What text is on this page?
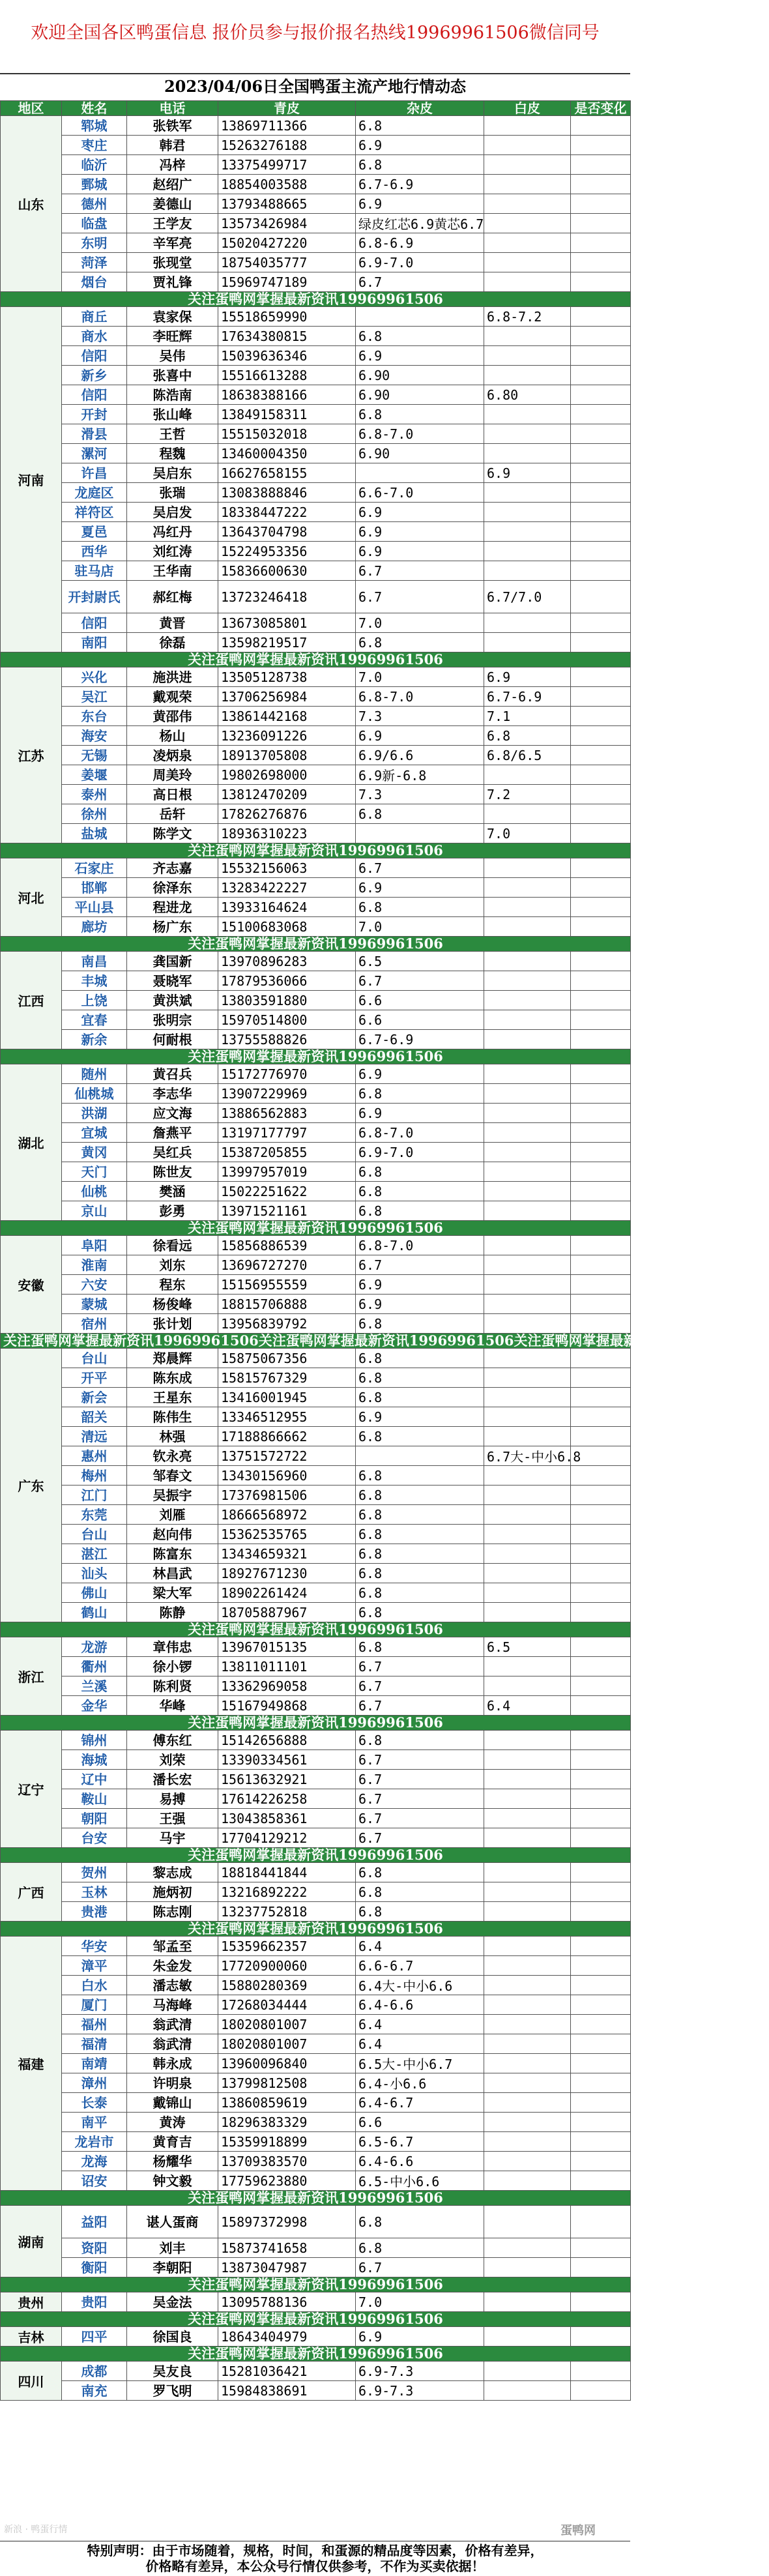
欢迎全国各区鸭蛋信息 报价员参与报价报名热线19969961506微信同号
2023/04/06日全国鸭蛋主流产地行情动态
地区	姓名	电话	青皮	杂皮	白皮	是否变化	
山东	郓城	张铁军	13869711366	6.8			
	枣庄	韩君	15263276188	6.9			
	临沂	冯梓	13375499717	6.8			
	鄄城	赵绍广	18854003588	6.7-6.9			
	德州	姜德山	13793488665	6.9			
	临盘	王学友	13573426984	绿皮红芯6.9黄芯6.7			
	东明	辛军亮	15020427220	6.8-6.9			
	菏泽	张现堂	18754035777	6.9-7.0			
	烟台	贾礼锋	15969747189	6.7			
关注蛋鸭网掌握最新资讯19969961506							
河南	商丘	袁家保	15518659990		6.8-7.2		
	商水	李旺辉	17634380815	6.8			
	信阳	吴伟	15039636346	6.9			
	新乡	张喜中	15516613288	6.90			
	信阳	陈浩南	18638388166	6.90	6.80		
	开封	张山峰	13849158311	6.8			
	滑县	王哲	15515032018	6.8-7.0			
	漯河	程魏	13460004350	6.90			
	许昌	吴启东	16627658155		6.9		
	龙庭区	张瑞	13083888846	6.6-7.0			
	祥符区	吴启发	18338447222	6.9			
	夏邑	冯红丹	13643704798	6.9			
	西华	刘红涛	15224953356	6.9			
	驻马店	王华南	15836600630	6.7			
	开封尉氏	郝红梅	13723246418	6.7	6.7/7.0		
	信阳	黄晋	13673085801	7.0			
	南阳	徐磊	13598219517	6.8			
关注蛋鸭网掌握最新资讯19969961506							
江苏	兴化	施洪进	13505128738	7.0	6.9		
	吴江	戴观荣	13706256984	6.8-7.0	6.7-6.9		
	东台	黄邵伟	13861442168	7.3	7.1		
	海安	杨山	13236091226	6.9	6.8		
	无锡	凌炳泉	18913705808	6.9/6.6	6.8/6.5		
	姜堰	周美玲	19802698000	6.9新-6.8			
	泰州	高日根	13812470209	7.3	7.2		
	徐州	岳轩	17826276876	6.8			
	盐城	陈学文	18936310223		7.0		
关注蛋鸭网掌握最新资讯19969961506							
河北	石家庄	齐志嘉	15532156063	6.7			
	邯郸	徐泽东	13283422227	6.9			
	平山县	程进龙	13933164624	6.8			
	廊坊	杨广东	15100683068	7.0			
关注蛋鸭网掌握最新资讯19969961506							
江西	南昌	龚国新	13970896283	6.5			
	丰城	聂晓军	17879536066	6.7			
	上饶	黄洪斌	13803591880	6.6			
	宜春	张明宗	15970514800	6.6			
	新余	何耐根	13755588826	6.7-6.9			
关注蛋鸭网掌握最新资讯19969961506							
湖北	随州	黄召兵	15172776970	6.9			
	仙桃城	李志华	13907229969	6.8			
	洪湖	应文海	13886562883	6.9			
	宜城	詹燕平	13197177797	6.8-7.0			
	黄冈	吴红兵	15387205855	6.9-7.0			
	天门	陈世友	13997957019	6.8			
	仙桃	樊涵	15022251622	6.8			
	京山	彭勇	13971521161	6.8			
关注蛋鸭网掌握最新资讯19969961506							
安徽	阜阳	徐看远	15856886539	6.8-7.0			
	淮南	刘东	13696727270	6.7			
	六安	程东	15156955559	6.9			
	蒙城	杨俊峰	18815706888	6.9			
	宿州	张计划	13956839792	6.8			
关注蛋鸭网掌握最新资讯19969961506关注蛋鸭网掌握最新资讯19969961506关注蛋鸭网掌握最新资讯19969961506							
广东	台山	郑晨辉	15875067356	6.8			
	开平	陈东成	15815767329	6.8			
	新会	王星东	13416001945	6.8			
	韶关	陈伟生	13346512955	6.9			
	清远	林强	17188866662	6.8			
	惠州	钦永亮	13751572722		6.7大-中小6.8		
	梅州	邹春文	13430156960	6.8			
	江门	吴振宇	17376981506	6.8			
	东莞	刘雁	18666568972	6.8			
	台山	赵向伟	15362535765	6.8			
	湛江	陈富东	13434659321	6.8			
	汕头	林昌武	18927671230	6.8			
	佛山	梁大军	18902261424	6.8			
	鹤山	陈静	18705887967	6.8			
关注蛋鸭网掌握最新资讯19969961506							
浙江	龙游	章伟忠	13967015135	6.8	6.5		
	衢州	徐小锣	13811011101	6.7			
	兰溪	陈利贤	13362969058	6.7			
	金华	华峰	15167949868	6.7	6.4		
关注蛋鸭网掌握最新资讯19969961506							
辽宁	锦州	傅东红	15142656888	6.8			
	海城	刘荣	13390334561	6.7			
	辽中	潘长宏	15613632921	6.7			
	鞍山	易搏	17614226258	6.7			
	朝阳	王强	13043858361	6.7			
	台安	马宇	17704129212	6.7			
关注蛋鸭网掌握最新资讯19969961506							
广西	贺州	黎志成	18818441844	6.8			
	玉林	施炳初	13216892222	6.8			
	贵港	陈志刚	13237752818	6.8			
关注蛋鸭网掌握最新资讯19969961506							
福建	华安	邹孟至	15359662357	6.4			
	漳平	朱金发	17720900060	6.6-6.7			
	白水	潘志敏	15880280369	6.4大-中小6.6			
	厦门	马海峰	17268034444	6.4-6.6			
	福州	翁武清	18020801007	6.4			
	福清	翁武清	18020801007	6.4			
	南靖	韩永成	13960096840	6.5大-中小6.7			
	漳州	许明泉	13799812508	6.4-小6.6			
	长泰	戴锦山	13860859619	6.4-6.7			
	南平	黄涛	18296383329	6.6			
	龙岩市	黄育吉	15359918899	6.5-6.7			
	龙海	杨耀华	13709383570	6.4-6.6			
	诏安	钟文毅	17759623880	6.5-中小6.6			
关注蛋鸭网掌握最新资讯19969961506							
湖南	益阳	谌人蛋商	15897372998	6.8			
	资阳	刘丰	15873741658	6.8			
	衡阳	李朝阳	13873047987	6.7			
关注蛋鸭网掌握最新资讯19969961506							
贵州	贵阳	吴金法	13095788136	7.0			
关注蛋鸭网掌握最新资讯19969961506							
吉林	四平	徐国良	18643404979	6.9			
关注蛋鸭网掌握最新资讯19969961506							
四川	成都	吴友良	15281036421	6.9-7.3			
	南充	罗飞明	15984838691	6.9-7.3			
特别声明：由于市场随着，规格，时间，和蛋源的精品度等因素，价格有差异，
价格略有差异，本公众号行情仅供参考，不作为买卖依据！
新浪 · 鸭蛋行情	蛋鸭网
